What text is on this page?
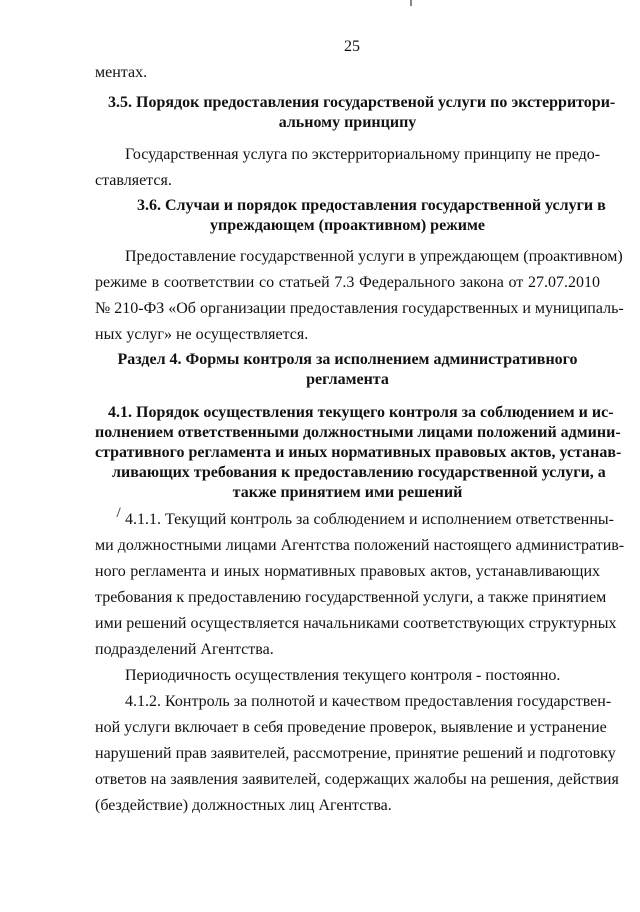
25
ментах.
3.5. Порядок предоставления государственой услуги по экстерритори-
альному принципу
Государственная услуга по экстерриториальному принципу не предо-
ставляется.
3.6. Случаи и порядок предоставления государственной услуги в
упреждающем (проактивном) режиме
Предоставление государственной услуги в упреждающем (проактивном)
режиме в соответствии со статьей 7.3 Федерального закона от 27.07.2010
№ 210-ФЗ «Об организации предоставления государственных и муниципаль-
ных услуг» не осуществляется.
Раздел 4. Формы контроля за исполнением административного
регламента
4.1. Порядок осуществления текущего контроля за соблюдением и ис-
полнением ответственными должностными лицами положений админи-
стративного регламента и иных нормативных правовых актов, устанав-
ливающих требования к предоставлению государственной услуги, а
также принятием ими решений
4.1.1. Текущий контроль за соблюдением и исполнением ответственны-
ми должностными лицами Агентства положений настоящего административ-
ного регламента и иных нормативных правовых актов, устанавливающих
требования к предоставлению государственной услуги, а также принятием
ими решений осуществляется начальниками соответствующих структурных
подразделений Агентства.
Периодичность осуществления текущего контроля - постоянно.
4.1.2. Контроль за полнотой и качеством предоставления государствен-
ной услуги включает в себя проведение проверок, выявление и устранение
нарушений прав заявителей, рассмотрение, принятие решений и подготовку
ответов на заявления заявителей, содержащих жалобы на решения, действия
(бездействие) должностных лиц Агентства.
